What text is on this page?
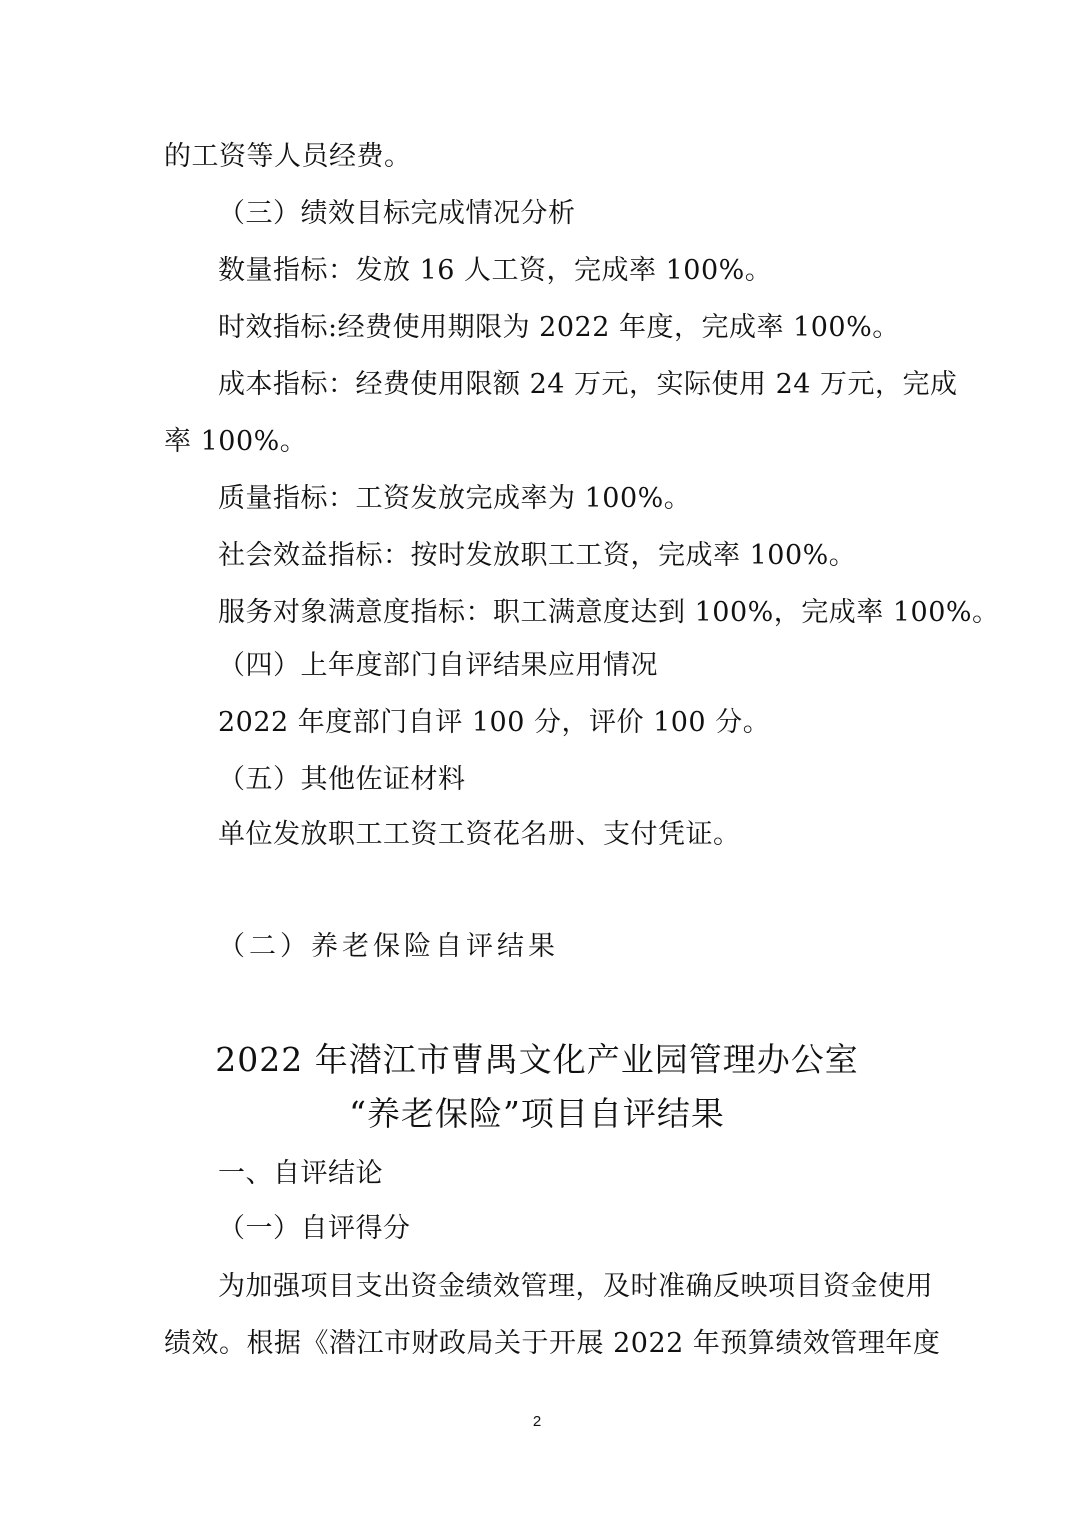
的工资等人员经费。
（三）绩效目标完成情况分析
数量指标：发放 16 人工资，完成率 100%。
时效指标:经费使用期限为 2022 年度，完成率 100%。
成本指标：经费使用限额 24 万元，实际使用 24 万元，完成
率 100%。
质量指标：工资发放完成率为 100%。
社会效益指标：按时发放职工工资，完成率 100%。
服务对象满意度指标：职工满意度达到 100%，完成率 100%。
（四）上年度部门自评结果应用情况
2022 年度部门自评 100 分，评价 100 分。
（五）其他佐证材料
单位发放职工工资工资花名册、支付凭证。
（二）养老保险自评结果
2022 年潜江市曹禺文化产业园管理办公室
“养老保险”项目自评结果
一、自评结论
（一）自评得分
为加强项目支出资金绩效管理，及时准确反映项目资金使用
绩效。根据《潜江市财政局关于开展 2022 年预算绩效管理年度
2
